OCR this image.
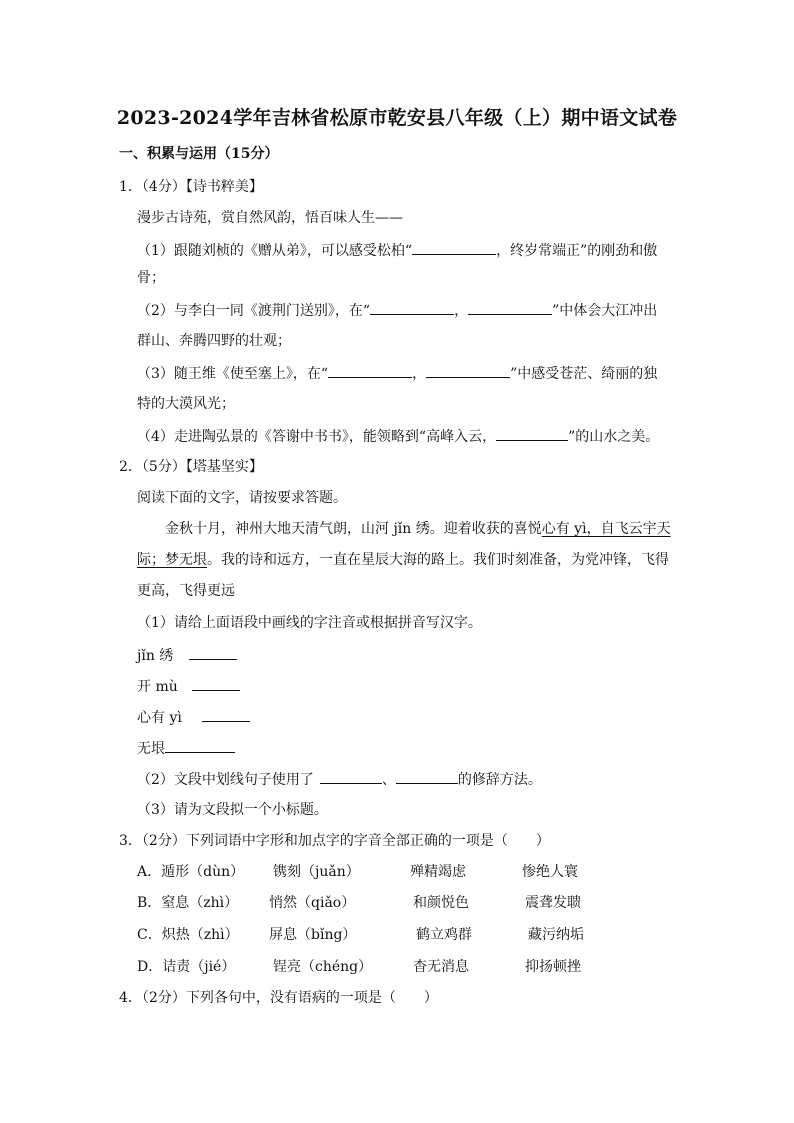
2023-2024学年吉林省松原市乾安县八年级（上）期中语文试卷
一、积累与运用（15分）
1．（4分）【诗书粹美】
漫步古诗苑，赏自然风韵，悟百味人生——
（1）跟随刘桢的《赠从弟》，可以感受松柏“	，终岁常端正”的刚劲和傲
骨；
（2）与李白一同《渡荆门送别》，在“	，	”中体会大江冲出
群山、奔腾四野的壮观；
（3）随王维《使至塞上》，在“	，	”中感受苍茫、绮丽的独
特的大漠风光；
（4）走进陶弘景的《答谢中书书》，能领略到“高峰入云，	”的山水之美。
2．（5分）【塔基坚实】
阅读下面的文字，请按要求答题。
金秋十月，神州大地天清气朗，山河 jǐn 绣。迎着收获的喜悦心有 yì，自飞云宇天
际；梦无垠。我的诗和远方，一直在星辰大海的路上。我们时刻准备，为党冲锋，飞得
更高，飞得更远
（1）请给上面语段中画线的字注音或根据拼音写汉字。
jǐn 绣
开 mù
心有 yì
无垠
（2）文段中划线句子使用了	、	的修辞方法。
（3）请为文段拟一个小标题。
3．（2分）下列词语中字形和加点字的字音全部正确的一项是（　　）
A．遁形（dùn） 镌刻（juǎn）	殚精竭虑	惨绝人寰
B．窒息（zhì） 悄然（qiǎo）	和颜悦色	震聋发聩
C．炽热（zhì） 屏息（bǐng）	鹤立鸡群	藏污纳垢
D．诘责（jié）	锃亮（chéng）	杳无消息	抑扬顿挫
4．（2分）下列各句中，没有语病的一项是（　　）
